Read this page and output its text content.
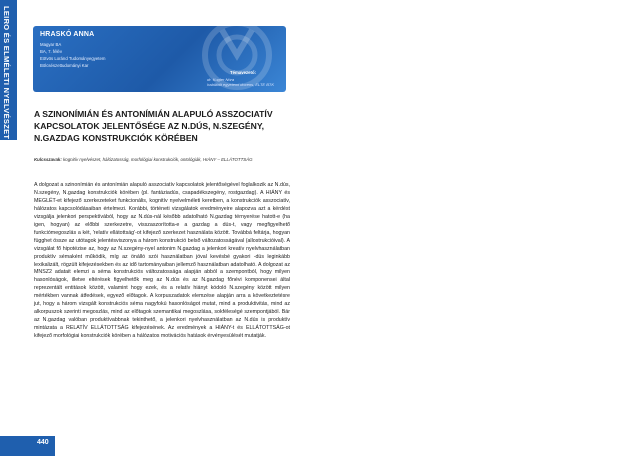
LEIRO ÉS ELMÉLETI NYELVÉSZET	HRASKÓ ANNA
Magyar BA
BA, 7. félév
Eötvös Loránd Tudományegyetem
Bölcsészettudományi Kar
Témavezető:
dr. Kugler Nóra
habilitált egyetemi docens, ELTE BTK
A SZINONÍMIÁN ÉS ANTONÍMIÁN ALAPULÓ ASSZOCIATÍV KAPCSOLATOK JELENTŐSÉGE AZ N.DÚS, N.SZEGÉNY, N.GAZDAG KONSTRUKCIÓK KÖRÉBEN
Kulcsszavak: kognitív nyelvészet, hálózatosság, morfológiai konstrukciók, ontológiák, HIÁNY – ELLÁTOTTSÁG
A dolgozat a szinonímián és antonímián alapuló asszociatív kapcsolatok jelentőségével foglalkozik az N.dús, N.szegény, N.gazdag konstrukciók körében (pl. fantáziadús, csapadékszegény, rostgazdag). A HIÁNY és MEGLÉT-et kifejező szerkezeteket funkcionális, kognitív nyelvelméleti keretben, a konstrukciók asszociatív, hálózatos kapcsolódásaiban értelmezi. Korábbi, történeti vizsgálatok eredményeire alapozva azt a kérdést vizsgálja jelenkori perspektívából, hogy az N.dús-nál később adatolható N.gazdag térnyerése hatott-e (ha igen, hogyan) az előbbi szerkezetre, visszaszorította-e a gazdag a dús-t, vagy megfigyelhető funkciómegoszlás a két, 'relatív ellátottság'-ot kifejező szerkezet használata között. Továbbá feltárja, hogyan függhet össze az utótagok jelentésviszonya a három konstrukció belső változatosságával (allostrukcióival). A vizsgálat fő hipotézise az, hogy az N.szegény-nyel antonim N.gazdag a jelenkori kreatív nyelvhasználatban produktív sémaként működik, míg az önálló szói használatban jóval kevésbé gyakori -dús leginkább lexikalizált, rögzült kifejezésekben és az idő tartományaiban jellemző használatban adatolható. A dolgozat az MNSZ2 adatait elemzi a séma konstrukciós változatossága alapján abból a szempontból, hogy milyen hasonlóságok, illetve eltérések figyelhetők meg az N.dús és az N.gazdag főnévi komponensei által reprezentált entitások között, valamint hogy ezek, és a relatív hiányt kódoló N.szegény között milyen mértékben vannak átfedések, egyező előtagok. A korpuszadatok elemzése alapján arra a következtetésre jut, hogy a három vizsgált konstrukciós séma nagyfokú hasonlóságot mutat, mind a produktivitás, mind az alkorpuszok szerinti megoszlás, mind az előtagok szemantikai megoszlása, sokféleségé szempontjából. Bár az N.gazdag valóban produktívabbnak tekinthető, a jelenkori nyelvhasználatban az N.dús is produktív mintázata a RELATÍV ELLÁTOTTSÁG kifejezésének. Az eredmények a HIÁNY-t és ELLÁTOTTSÁG-ot kifejező morfológiai konstrukciók körében a hálózatos motivációs hatások érvényesülését mutatják.
440
